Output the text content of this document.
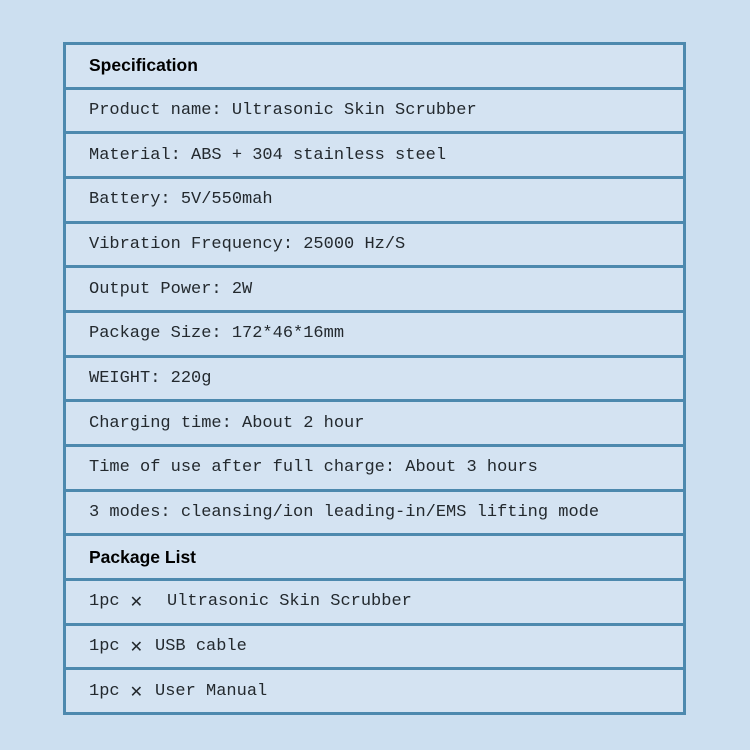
Specification
Product name: Ultrasonic Skin Scrubber
Material: ABS + 304 stainless steel
Battery: 5V/550mah
Vibration Frequency: 25000 Hz/S
Output Power: 2W
Package Size: 172*46*16mm
WEIGHT: 220g
Charging time: About 2 hour
Time of use after full charge: About 3 hours
3 modes: cleansing/ion leading-in/EMS lifting mode
Package List
1pc ✕ Ultrasonic Skin Scrubber
1pc ✕ USB cable
1pc ✕ User Manual
